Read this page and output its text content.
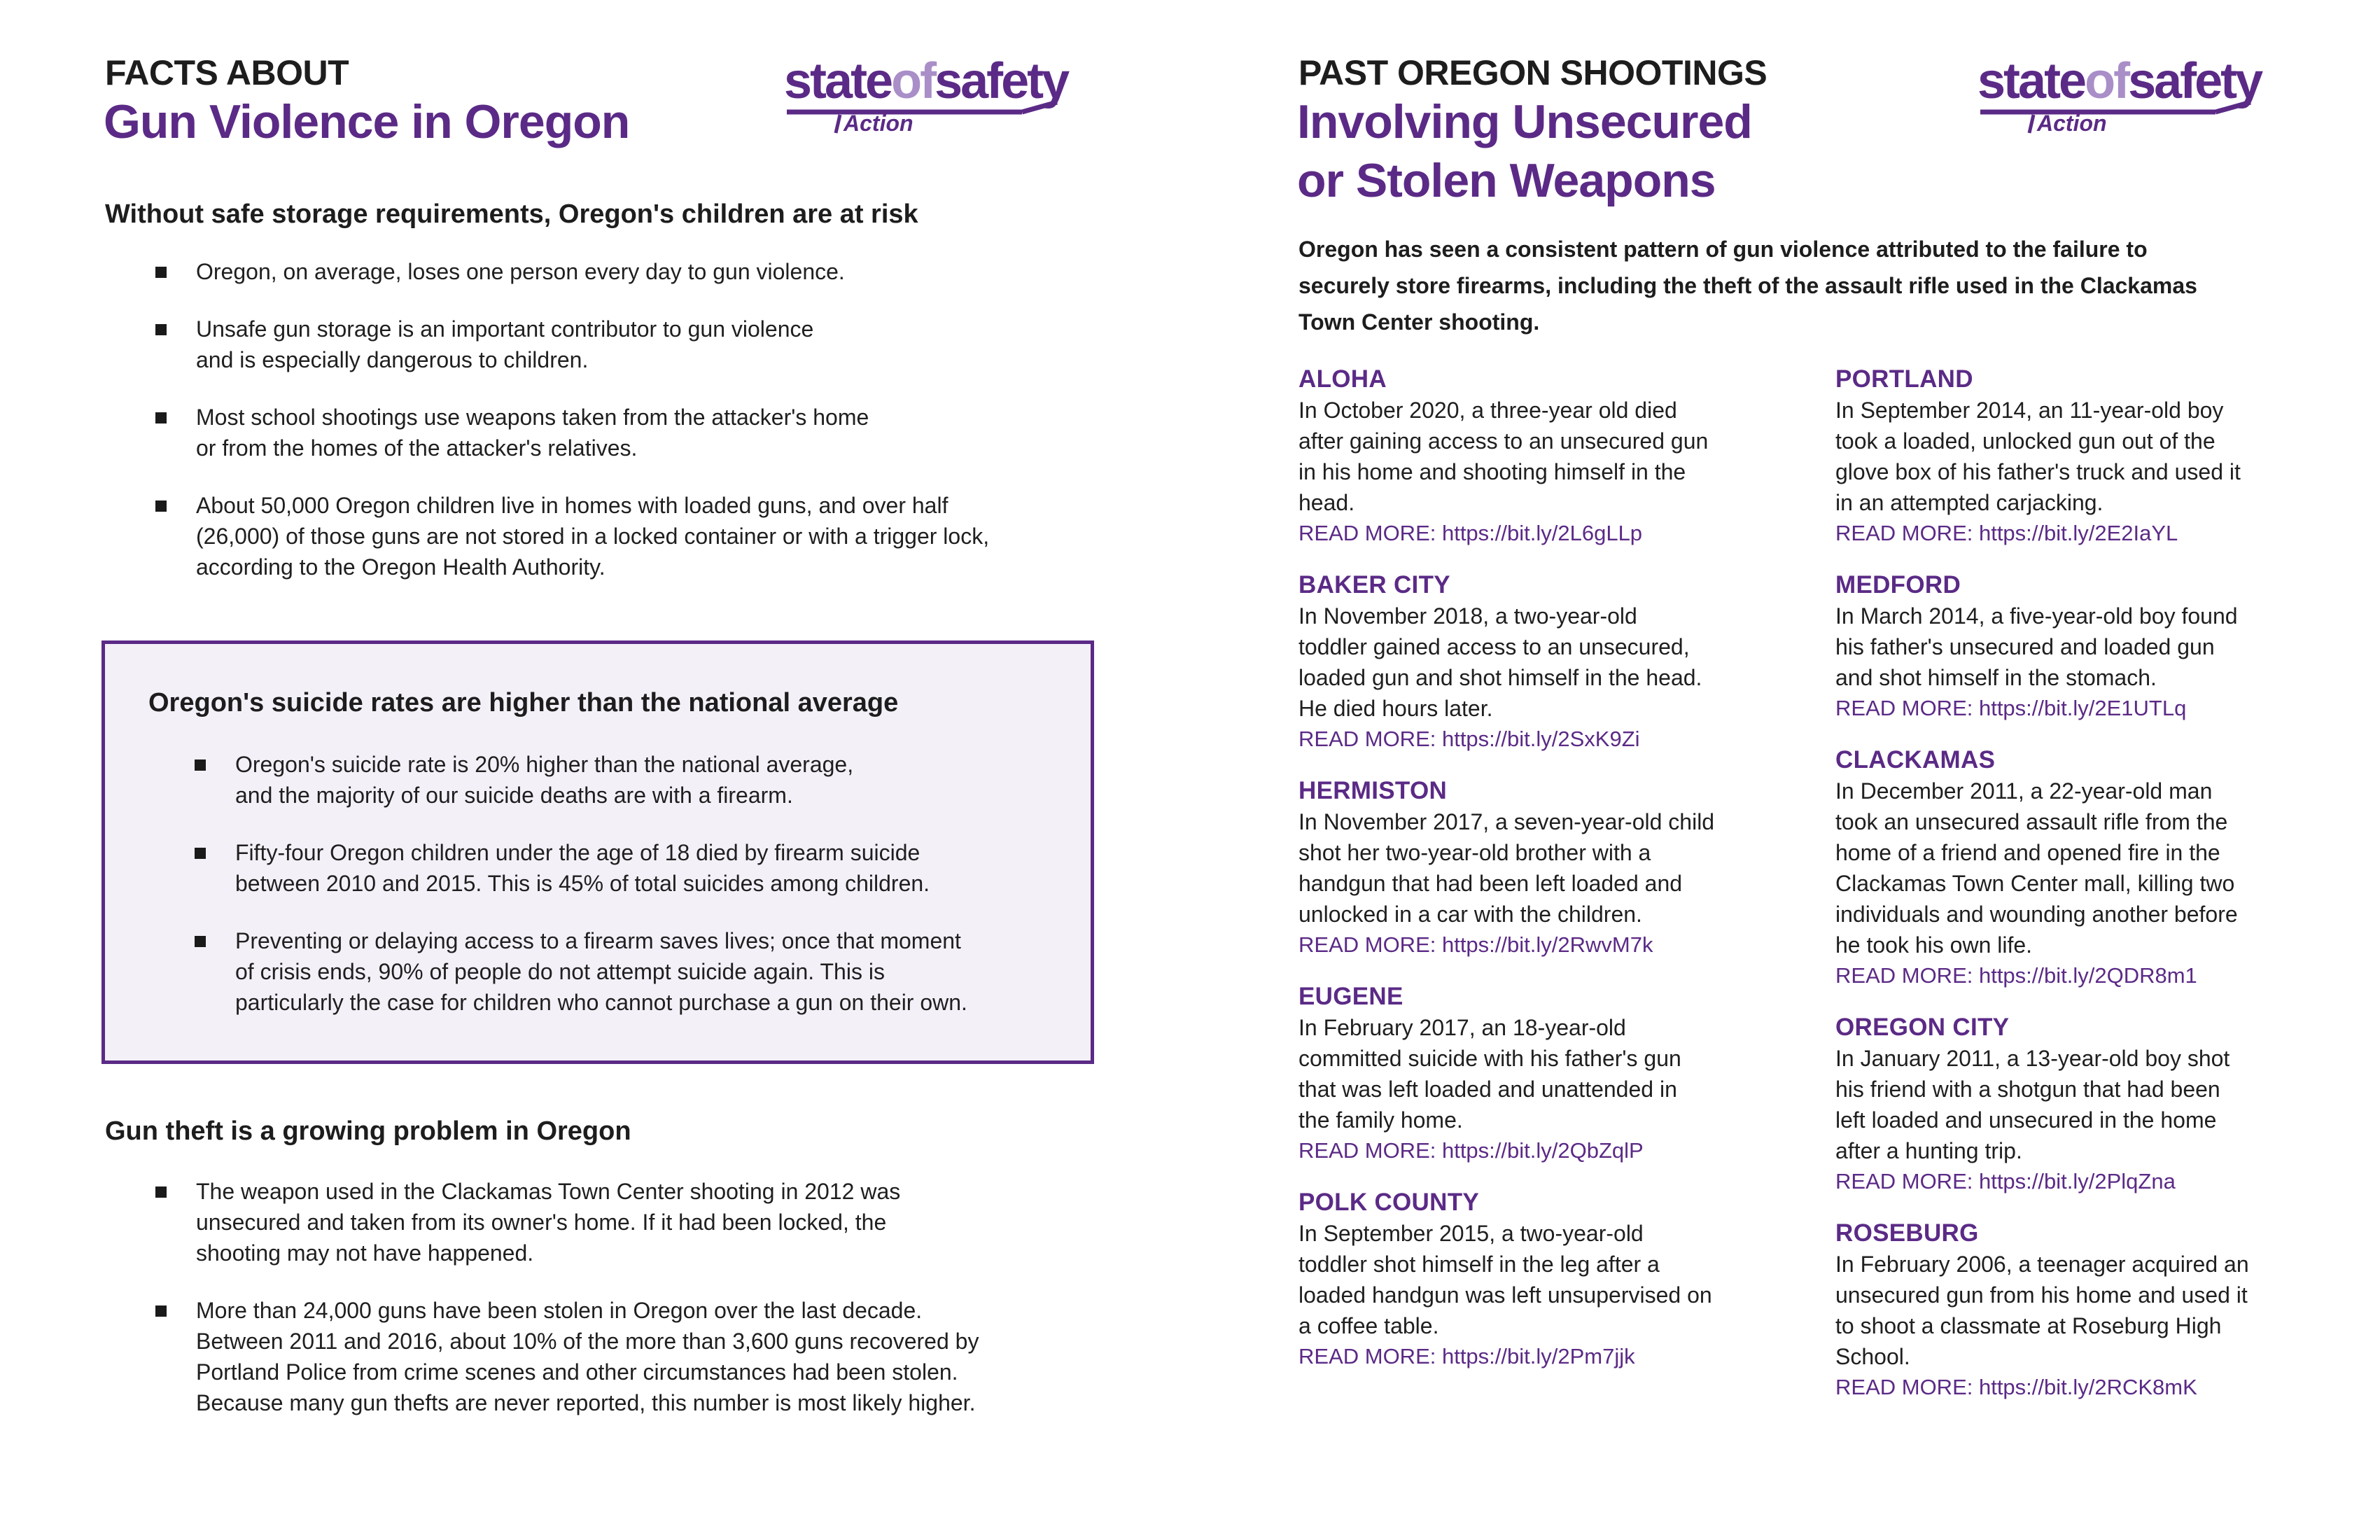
FACTS ABOUT
Gun Violence in Oregon
stateofsafety
Action
Without safe storage requirements, Oregon's children are at risk
Oregon, on average, loses one person every day to gun violence.
Unsafe gun storage is an important contributor to gun violence
and is especially dangerous to children.
Most school shootings use weapons taken from the attacker's home
or from the homes of the attacker's relatives.
About 50,000 Oregon children live in homes with loaded guns, and over half
(26,000) of those guns are not stored in a locked container or with a trigger lock,
according to the Oregon Health Authority.
Oregon's suicide rates are higher than the national average
Oregon's suicide rate is 20% higher than the national average,
and the majority of our suicide deaths are with a firearm.
Fifty-four Oregon children under the age of 18 died by firearm suicide
between 2010 and 2015. This is 45% of total suicides among children.
Preventing or delaying access to a firearm saves lives; once that moment
of crisis ends, 90% of people do not attempt suicide again. This is
particularly the case for children who cannot purchase a gun on their own.
Gun theft is a growing problem in Oregon
The weapon used in the Clackamas Town Center shooting in 2012 was
unsecured and taken from its owner's home. If it had been locked, the
shooting may not have happened.
More than 24,000 guns have been stolen in Oregon over the last decade.
Between 2011 and 2016, about 10% of the more than 3,600 guns recovered by
Portland Police from crime scenes and other circumstances had been stolen.
Because many gun thefts are never reported, this number is most likely higher.
PAST OREGON SHOOTINGS
Involving Unsecured
or Stolen Weapons
stateofsafety
Action
Oregon has seen a consistent pattern of gun violence attributed to the failure to
securely store firearms, including the theft of the assault rifle used in the Clackamas
Town Center shooting.
ALOHA
In October 2020, a three-year old died
after gaining access to an unsecured gun
in his home and shooting himself in the
head.
READ MORE: https://bit.ly/2L6gLLp
BAKER CITY
In November 2018, a two-year-old
toddler gained access to an unsecured,
loaded gun and shot himself in the head.
He died hours later.
READ MORE: https://bit.ly/2SxK9Zi
HERMISTON
In November 2017, a seven-year-old child
shot her two-year-old brother with a
handgun that had been left loaded and
unlocked in a car with the children.
READ MORE: https://bit.ly/2RwvM7k
EUGENE
In February 2017, an 18-year-old
committed suicide with his father's gun
that was left loaded and unattended in
the family home.
READ MORE: https://bit.ly/2QbZqlP
POLK COUNTY
In September 2015, a two-year-old
toddler shot himself in the leg after a
loaded handgun was left unsupervised on
a coffee table.
READ MORE: https://bit.ly/2Pm7jjk
PORTLAND
In September 2014, an 11-year-old boy
took a loaded, unlocked gun out of the
glove box of his father's truck and used it
in an attempted carjacking.
READ MORE: https://bit.ly/2E2IaYL
MEDFORD
In March 2014, a five-year-old boy found
his father's unsecured and loaded gun
and shot himself in the stomach.
READ MORE: https://bit.ly/2E1UTLq
CLACKAMAS
In December 2011, a 22-year-old man
took an unsecured assault rifle from the
home of a friend and opened fire in the
Clackamas Town Center mall, killing two
individuals and wounding another before
he took his own life.
READ MORE: https://bit.ly/2QDR8m1
OREGON CITY
In January 2011, a 13-year-old boy shot
his friend with a shotgun that had been
left loaded and unsecured in the home
after a hunting trip.
READ MORE: https://bit.ly/2PlqZna
ROSEBURG
In February 2006, a teenager acquired an
unsecured gun from his home and used it
to shoot a classmate at Roseburg High
School.
READ MORE: https://bit.ly/2RCK8mK
